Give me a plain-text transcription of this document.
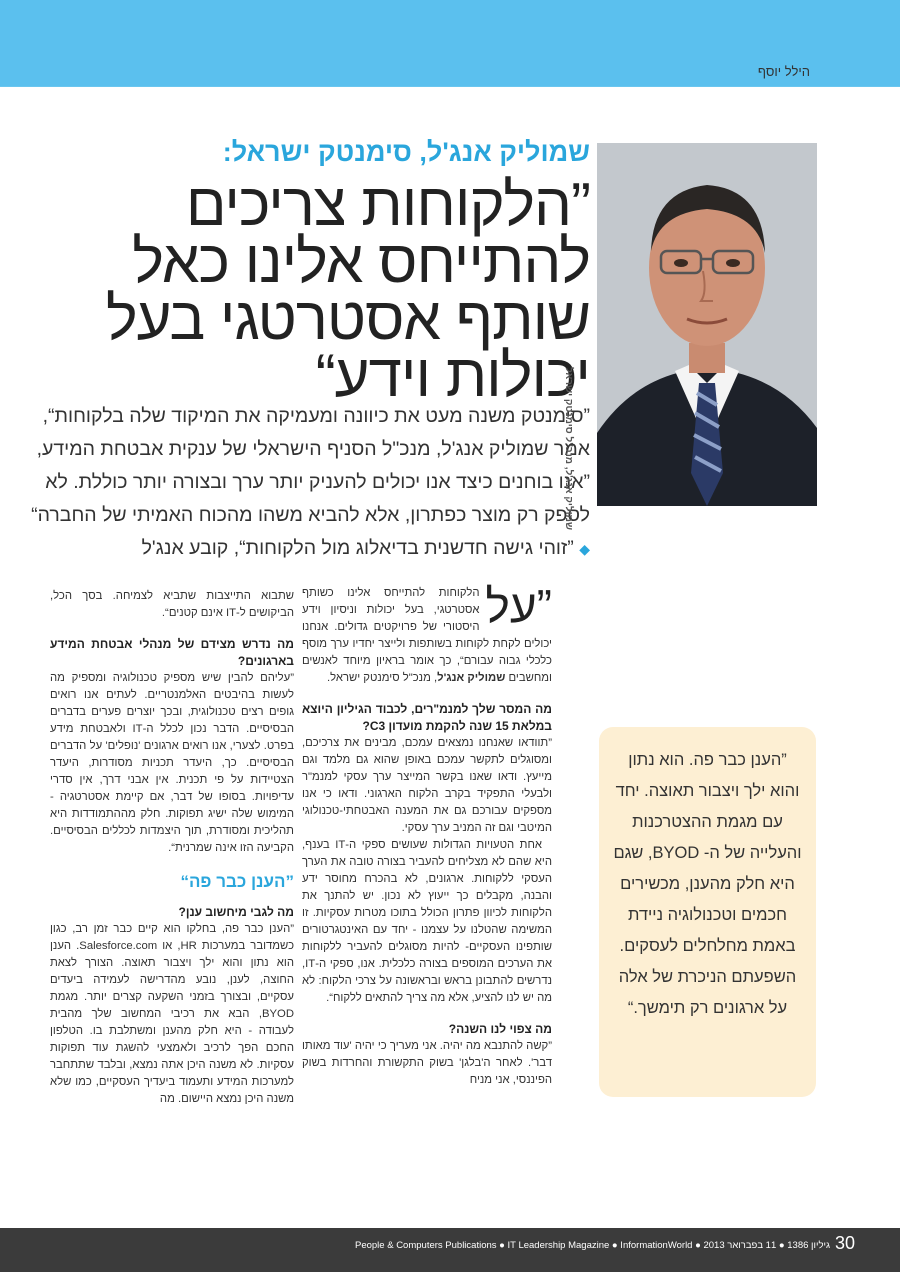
הילל יוסף
שמוליק אנג'ל, סימנטק ישראל:
”הלקוחות צריכים להתייחס אלינו כאל שותף אסטרטגי בעל יכולות וידע“
”סימנטק משנה מעט את כיוונה ומעמיקה את המיקוד שלה בלקוחות“, אמר שמוליק אנג'ל, מנכ"ל הסניף הישראלי של ענקית אבטחת המידע, ”אנו בוחנים כיצד אנו יכולים להעניק יותר ערך ובצורה יותר כוללת. לא לספק רק מוצר כפתרון, אלא להביא משהו מהכוח האמיתי של החברה“ ◆ ”זוהי גישה חדשנית בדיאלוג מול הלקוחות“, קובע אנג'ל
”על
הלקוחות להתייחס אלינו כשותף אסטרטגי, בעל יכולות וניסיון וידע היסטורי של פרויקטים גדולים. אנחנו יכולים לקחת לקוחות בשותפות ולייצר יחדיו ערך מוסף כלכלי גבוה עבורם“, כך אומר בראיון מיוחד לאנשים ומחשבים שמוליק אנג'ל, מנכ"ל סימנטק ישראל.
מה המסר שלך למנמ"רים, לכבוד הגיליון היוצא במלאת 15 שנה להקמת מועדון C3?

”תוודאו שאנחנו נמצאים עמכם, מבינים את צרכיכם, ומסוגלים לתקשר עמכם באופן שהוא גם מלמד וגם מייעץ. ודאו שאנו בקשר המייצר ערך עסקי למנמ"ר ולבעלי התפקיד בקרב הלקוח הארגוני. ודאו כי אנו מספקים עבורכם גם את המענה האבטחתי-טכנולוגי המיטבי וגם זה המניב ערך עסקי.

אחת הטעויות הגדולות שעושים ספקי ה-IT בענף, היא שהם לא מצליחים להעביר בצורה טובה את הערך העסקי ללקוחות. ארגונים, לא בהכרח מחוסר ידע והבנה, מקבלים כך ייעוץ לא נכון. יש להתנך את הלקוחות לכיוון פתרון הכולל בתוכו מטרות עסקיות. זו המשימה שהטלנו על עצמנו - יחד עם האינטגרטורים שותפינו העסקיים- להיות מסוגלים להעביר ללקוחות את הערכים המוספים בצורה כלכלית. אנו, ספקי ה-IT, נדרשים להתבונן בראש ובראשונה על צרכי הלקוח: לא מה יש לנו להציע, אלא מה צריך להתאים ללקוח“.

מה צפוי לנו השנה?

”קשה להתנבא מה יהיה. אני מעריך כי יהיה 'עוד מאותו דבר'. לאחר ה'בלגן' בשוק התקשורת והחרדות בשוק הפיננסי, אני מניח

שתבוא התייצבות שתביא לצמיחה. בסך הכל, הביקושים ל-IT אינם קטנים“.

מה נדרש מצידם של מנהלי אבטחת המידע בארגונים?

”עליהם להבין שיש מספיק טכנולוגיה ומספיק מה לעשות בהיבטים האלמנטריים. לעתים אנו רואים גופים רצים טכנולוגית, ובכך יוצרים פערים בדברים הבסיסיים. הדבר נכון לכלל ה-IT ולאבטחת מידע בפרט. לצערי, אנו רואים ארגונים 'נופלים' על הדברים הבסיסיים. כך, היעדר תכניות מסודרות, היעדר הצטיידות על פי תכנית. אין אבני דרך, אין סדרי עדיפויות. בסופו של דבר, אם קיימת אסטרטגיה - המימוש שלה ישיג תפוקות. חלק מההתמודדות היא תהליכית ומסודרת, תוך היצמדות לכללים הבסיסיים. הקביעה הזו אינה שמרנית“.

”הענן כבר פה“
מה לגבי מיחשוב ענן?

”הענן כבר פה, בחלקו הוא קיים כבר זמן רב, כגון כשמדובר במערכות HR, או Salesforce.com. הענן הוא נתון והוא ילך ויצבור תאוצה. הצורך לצאת החוצה, לענן, נובע מהדרישה לעמידה ביעדים עסקיים, ובצורך בזמני השקעה קצרים יותר. מגמת BYOD, הבא את רכיבי המחשוב שלך מהבית לעבודה - היא חלק מהענן ומשתלבת בו. הטלפון החכם הפך לרכיב ולאמצעי להשגת עוד תפוקות עסקיות. לא משנה היכן אתה נמצא, ובלבד שתתחבר למערכות המידע ותעמוד ביעדיך העסקיים, כמו שלא משנה היכן נמצא היישום. מה

”הענן כבר פה. הוא נתון והוא ילך ויצבור תאוצה. יחד עם מגמת ההצטרכנות והעלייה של ה- BYOD, שגם היא חלק מהענן, מכשירים חכמים וטכנולוגיה ניידת באמת מחלחלים לעסקים. השפעתם הניכרת של אלה על ארגונים רק תימשך.“
שמוליק אנג'ל, מנכ"ל סימנטק ישראל
People & Computers Publications ● IT Leadership Magazine ● InformationWorld ● 2013 גיליון 1386 ● 11 בפברואר 30
